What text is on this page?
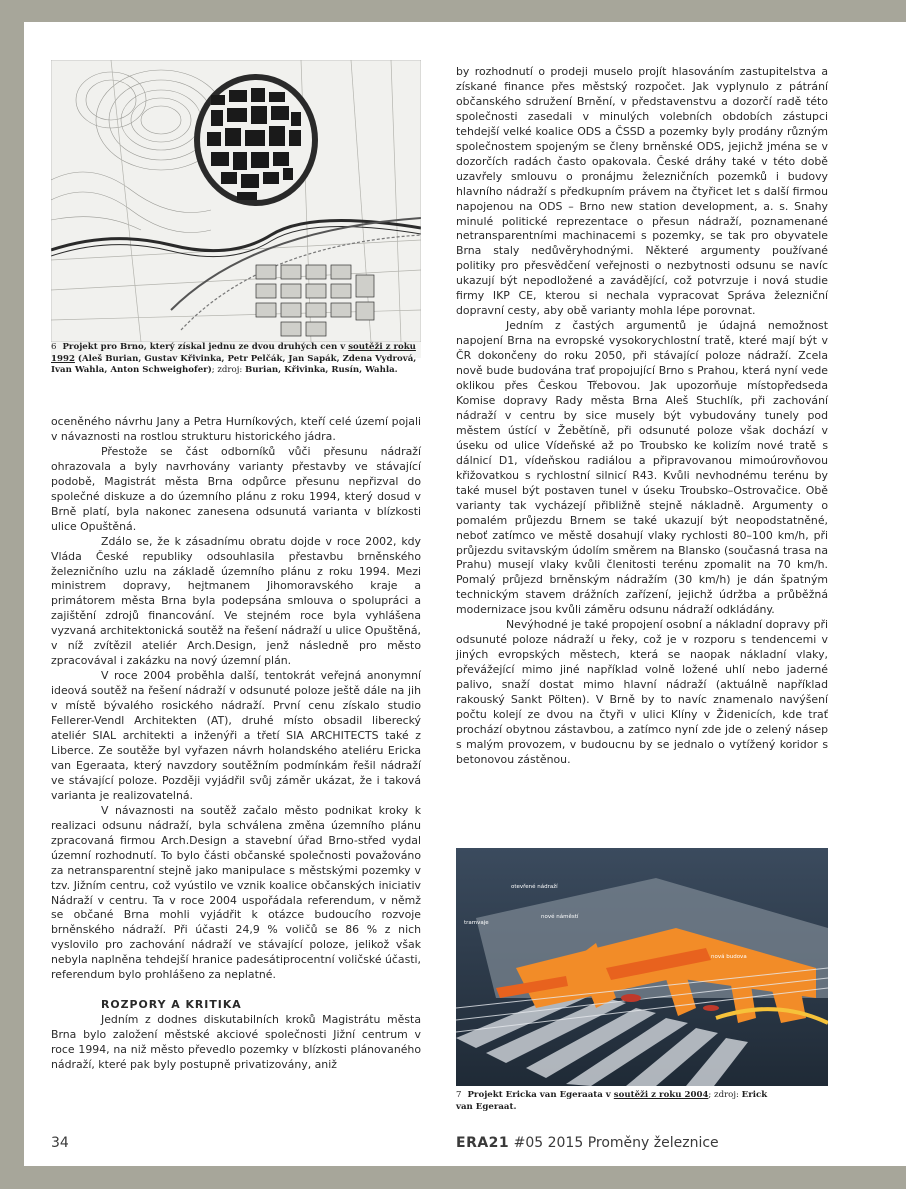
6 Projekt pro Brno, který získal jednu ze dvou druhých cen v soutěži z roku 1992 (Aleš Burian, Gustav Křivinka, Petr Pelčák, Jan Sapák, Zdena Vydrová, Ivan Wahla, Anton Schweighofer); zdroj: Burian, Křivinka, Rusín, Wahla.

oceněného návrhu Jany a Petra Hurníkových, kteří celé území pojali v návaznosti na rostlou strukturu historického jádra.

Přestože se část odborníků vůči přesunu nádraží ohrazovala a byly navrhovány varianty přestavby ve stávající podobě, Magistrát města Brna odpůrce přesunu nepřizval do společné diskuze a do územního plánu z roku 1994, který dosud v Brně platí, byla nakonec zanesena odsunutá varianta v blízkosti ulice Opuštěná.

Zdálo se, že k zásadnímu obratu dojde v roce 2002, kdy Vláda České republiky odsouhlasila přestavbu brněnského železničního uzlu na základě územního plánu z roku 1994. Mezi ministrem dopravy, hejtmanem Jihomoravského kraje a primátorem města Brna byla podepsána smlouva o spolupráci a zajištění zdrojů financování. Ve stejném roce byla vyhlášena vyzvaná architektonická soutěž na řešení nádraží u ulice Opuštěná, v níž zvítězil ateliér Arch.Design, jenž následně pro město zpracovával i zakázku na nový územní plán.

V roce 2004 proběhla další, tentokrát veřejná anonymní ideová soutěž na řešení nádraží v odsunuté poloze ještě dále na jih v místě bývalého rosického nádraží. První cenu získalo studio Fellerer-Vendl Architekten (AT), druhé místo obsadil liberecký ateliér SIAL architekti a inženýři a třetí SIA ARCHITECTS také z Liberce. Ze soutěže byl vyřazen návrh holandského ateliéru Ericka van Egeraata, který navzdory soutěžním podmínkám řešil nádraží ve stávající poloze. Později vyjádřil svůj záměr ukázat, že i taková varianta je realizovatelná.

V návaznosti na soutěž začalo město podnikat kroky k realizaci odsunu nádraží, byla schválena změna územního plánu zpracovaná firmou Arch.Design a stavební úřad Brno-střed vydal územní rozhodnutí. To bylo části občanské společnosti považováno za netransparentní stejně jako manipulace s městskými pozemky v tzv. Jižním centru, což vyústilo ve vznik koalice občanských iniciativ Nádraží v centru. Ta v roce 2004 uspořádala referendum, v němž se občané Brna mohli vyjádřit k otázce budoucího rozvoje brněnského nádraží. Při účasti 24,9 % voličů se 86 % z nich vyslovilo pro zachování nádraží ve stávající poloze, jelikož však nebyla naplněna tehdejší hranice padesátiprocentní voličské účasti, referendum bylo prohlášeno za neplatné.

ROZPORY A KRITIKA

Jedním z dodnes diskutabilních kroků Magistrátu města Brna bylo založení městské akciové společnosti Jižní centrum v roce 1994, na niž město převedlo pozemky v blízkosti plánovaného nádraží, které pak byly postupně privatizovány, aniž

by rozhodnutí o prodeji muselo projít hlasováním zastupitelstva a získané finance přes městský rozpočet. Jak vyplynulo z pátrání občanského sdružení Brnění, v představenstvu a dozorčí radě této společnosti zasedali v minulých volebních obdobích zástupci tehdejší velké koalice ODS a ČSSD a pozemky byly prodány různým společnostem spojeným se členy brněnské ODS, jejichž jména se v dozorčích radách často opakovala. České dráhy také v této době uzavřely smlouvu o pronájmu železničních pozemků i budovy hlavního nádraží s předkupním právem na čtyřicet let s další firmou napojenou na ODS – Brno new station development, a. s. Snahy minulé politické reprezentace o přesun nádraží, poznamenané netransparentními machinacemi s pozemky, se tak pro obyvatele Brna staly nedůvěryhodnými. Některé argumenty používané politiky pro přesvědčení veřejnosti o nezbytnosti odsunu se navíc ukazují být nepodložené a zavádějící, což potvrzuje i nová studie firmy IKP CE, kterou si nechala vypracovat Správa železniční dopravní cesty, aby obě varianty mohla lépe porovnat.

Jedním z častých argumentů je údajná nemožnost napojení Brna na evropské vysokorychlostní tratě, které mají být v ČR dokončeny do roku 2050, při stávající poloze nádraží. Zcela nově bude budována trať propojující Brno s Prahou, která nyní vede oklikou přes Českou Třebovou. Jak upozorňuje místopředseda Komise dopravy Rady města Brna Aleš Stuchlík, při zachování nádraží v centru by sice musely být vybudovány tunely pod městem ústící v Žebětíně, při odsunuté poloze však dochází v úseku od ulice Vídeňské až po Troubsko ke kolizím nové tratě s dálnicí D1, vídeňskou radiálou a připravovanou mimoúrovňovou křižovatkou s rychlostní silnicí R43. Kvůli nevhodnému terénu by také musel být postaven tunel v úseku Troubsko–Ostrovačice. Obě varianty tak vycházejí přibližně stejně nákladně. Argumenty o pomalém průjezdu Brnem se také ukazují být neopodstatněné, neboť zatímco ve městě dosahují vlaky rychlosti 80–100 km/h, při průjezdu svitavským údolím směrem na Blansko (současná trasa na Prahu) musejí vlaky kvůli členitosti terénu zpomalit na 70 km/h. Pomalý průjezd brněnským nádražím (30 km/h) je dán špatným technickým stavem drážních zařízení, jejichž údržba a průběžná modernizace jsou kvůli záměru odsunu nádraží odkládány.

Nevýhodné je také propojení osobní a nákladní dopravy při odsunuté poloze nádraží u řeky, což je v rozporu s tendencemi v jiných evropských městech, která se naopak nákladní vlaky, převážející mimo jiné například volně ložené uhlí nebo jaderné palivo, snaží dostat mimo hlavní nádraží (aktuálně například rakouský Sankt Pölten). V Brně by to navíc znamenalo navýšení počtu kolejí ze dvou na čtyři v ulici Klíny v Židenicích, kde trať prochází obytnou zástavbou, a zatímco nyní zde jde o zelený násep s malým provozem, v budoucnu by se jednalo o vytížený koridor s betonovou zástěnou.

otevřené nádraží
nové náměstí
tramvaje
nová budova
7 Projekt Ericka van Egeraata v soutěži z roku 2004; zdroj: Erick van Egeraat.
34	ERA21 #05 2015 Proměny železnice
